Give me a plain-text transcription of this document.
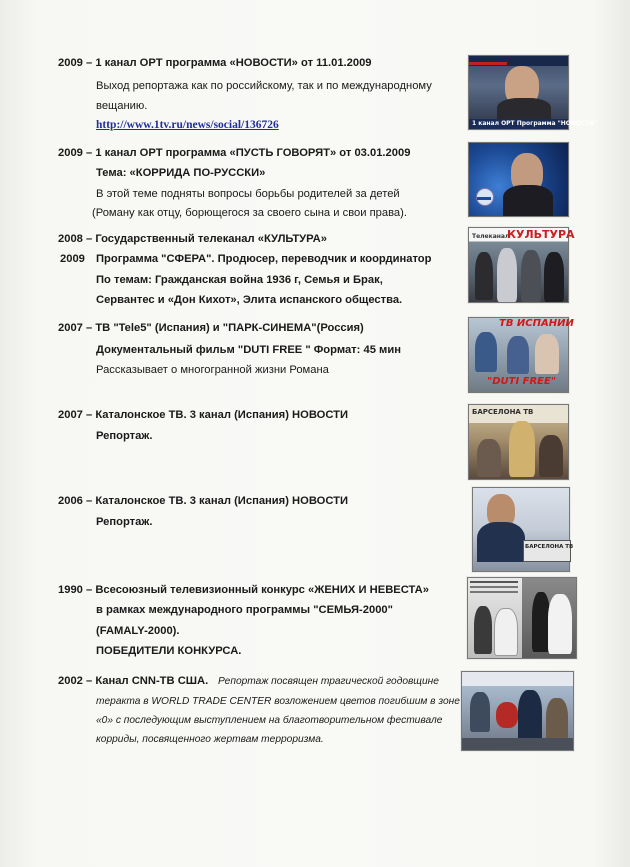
2009 – 1 канал ОРТ программа «НОВОСТИ» от 11.01.2009
Выход репортажа как по российскому, так и по международному
вещанию.
http://www.1tv.ru/news/social/136726	1 канал ОРТ Программа "НОВОСТИ"
2009 – 1 канал ОРТ программа «ПУСТЬ ГОВОРЯТ» от 03.01.2009
Тема: «КОРРИДА ПО-РУССКИ»
В этой теме подняты вопросы борьбы родителей за детей
(Роману как отцу, борющегося за своего сына и свои права).
2008 – Государственный телеканал «КУЛЬТУРА»
2009 Программа "СФЕРА". Продюсер, переводчик и координатор
По темам: Гражданская война 1936 г, Семья и Брак,
Сервантес и «Дон Кихот», Элита испанского общества.
Телеканал
КУЛЬТУРА
2007 – ТВ "Tele5" (Испания) и "ПАРК-СИНЕМА"(Россия)
Документальный фильм "DUTI FREE " Формат: 45 мин
Рассказывает о многогранной жизни Романа
ТВ ИСПАНИИ
"DUTI FREE"
2007 – Каталонское ТВ. 3 канал (Испания) НОВОСТИ
Репортаж.
БАРСЕЛОНА ТВ
2006 – Каталонское ТВ. 3 канал (Испания) НОВОСТИ
Репортаж.
БАРСЕЛОНА ТВ
1990 – Всесоюзный телевизионный конкурс «ЖЕНИХ И НЕВЕСТА»
в рамках международного программы "СЕМЬЯ-2000"
(FAMALY-2000).
ПОБЕДИТЕЛИ КОНКУРСА.
2002 – Канал CNN-ТВ США. Репортаж посвящен трагической годовщине
теракта в WORLD TRADE CENTER возложением цветов погибшим в зоне
«0» с последующим выступлением на благотворительном фестивале
корриды, посвященного жертвам терроризма.
